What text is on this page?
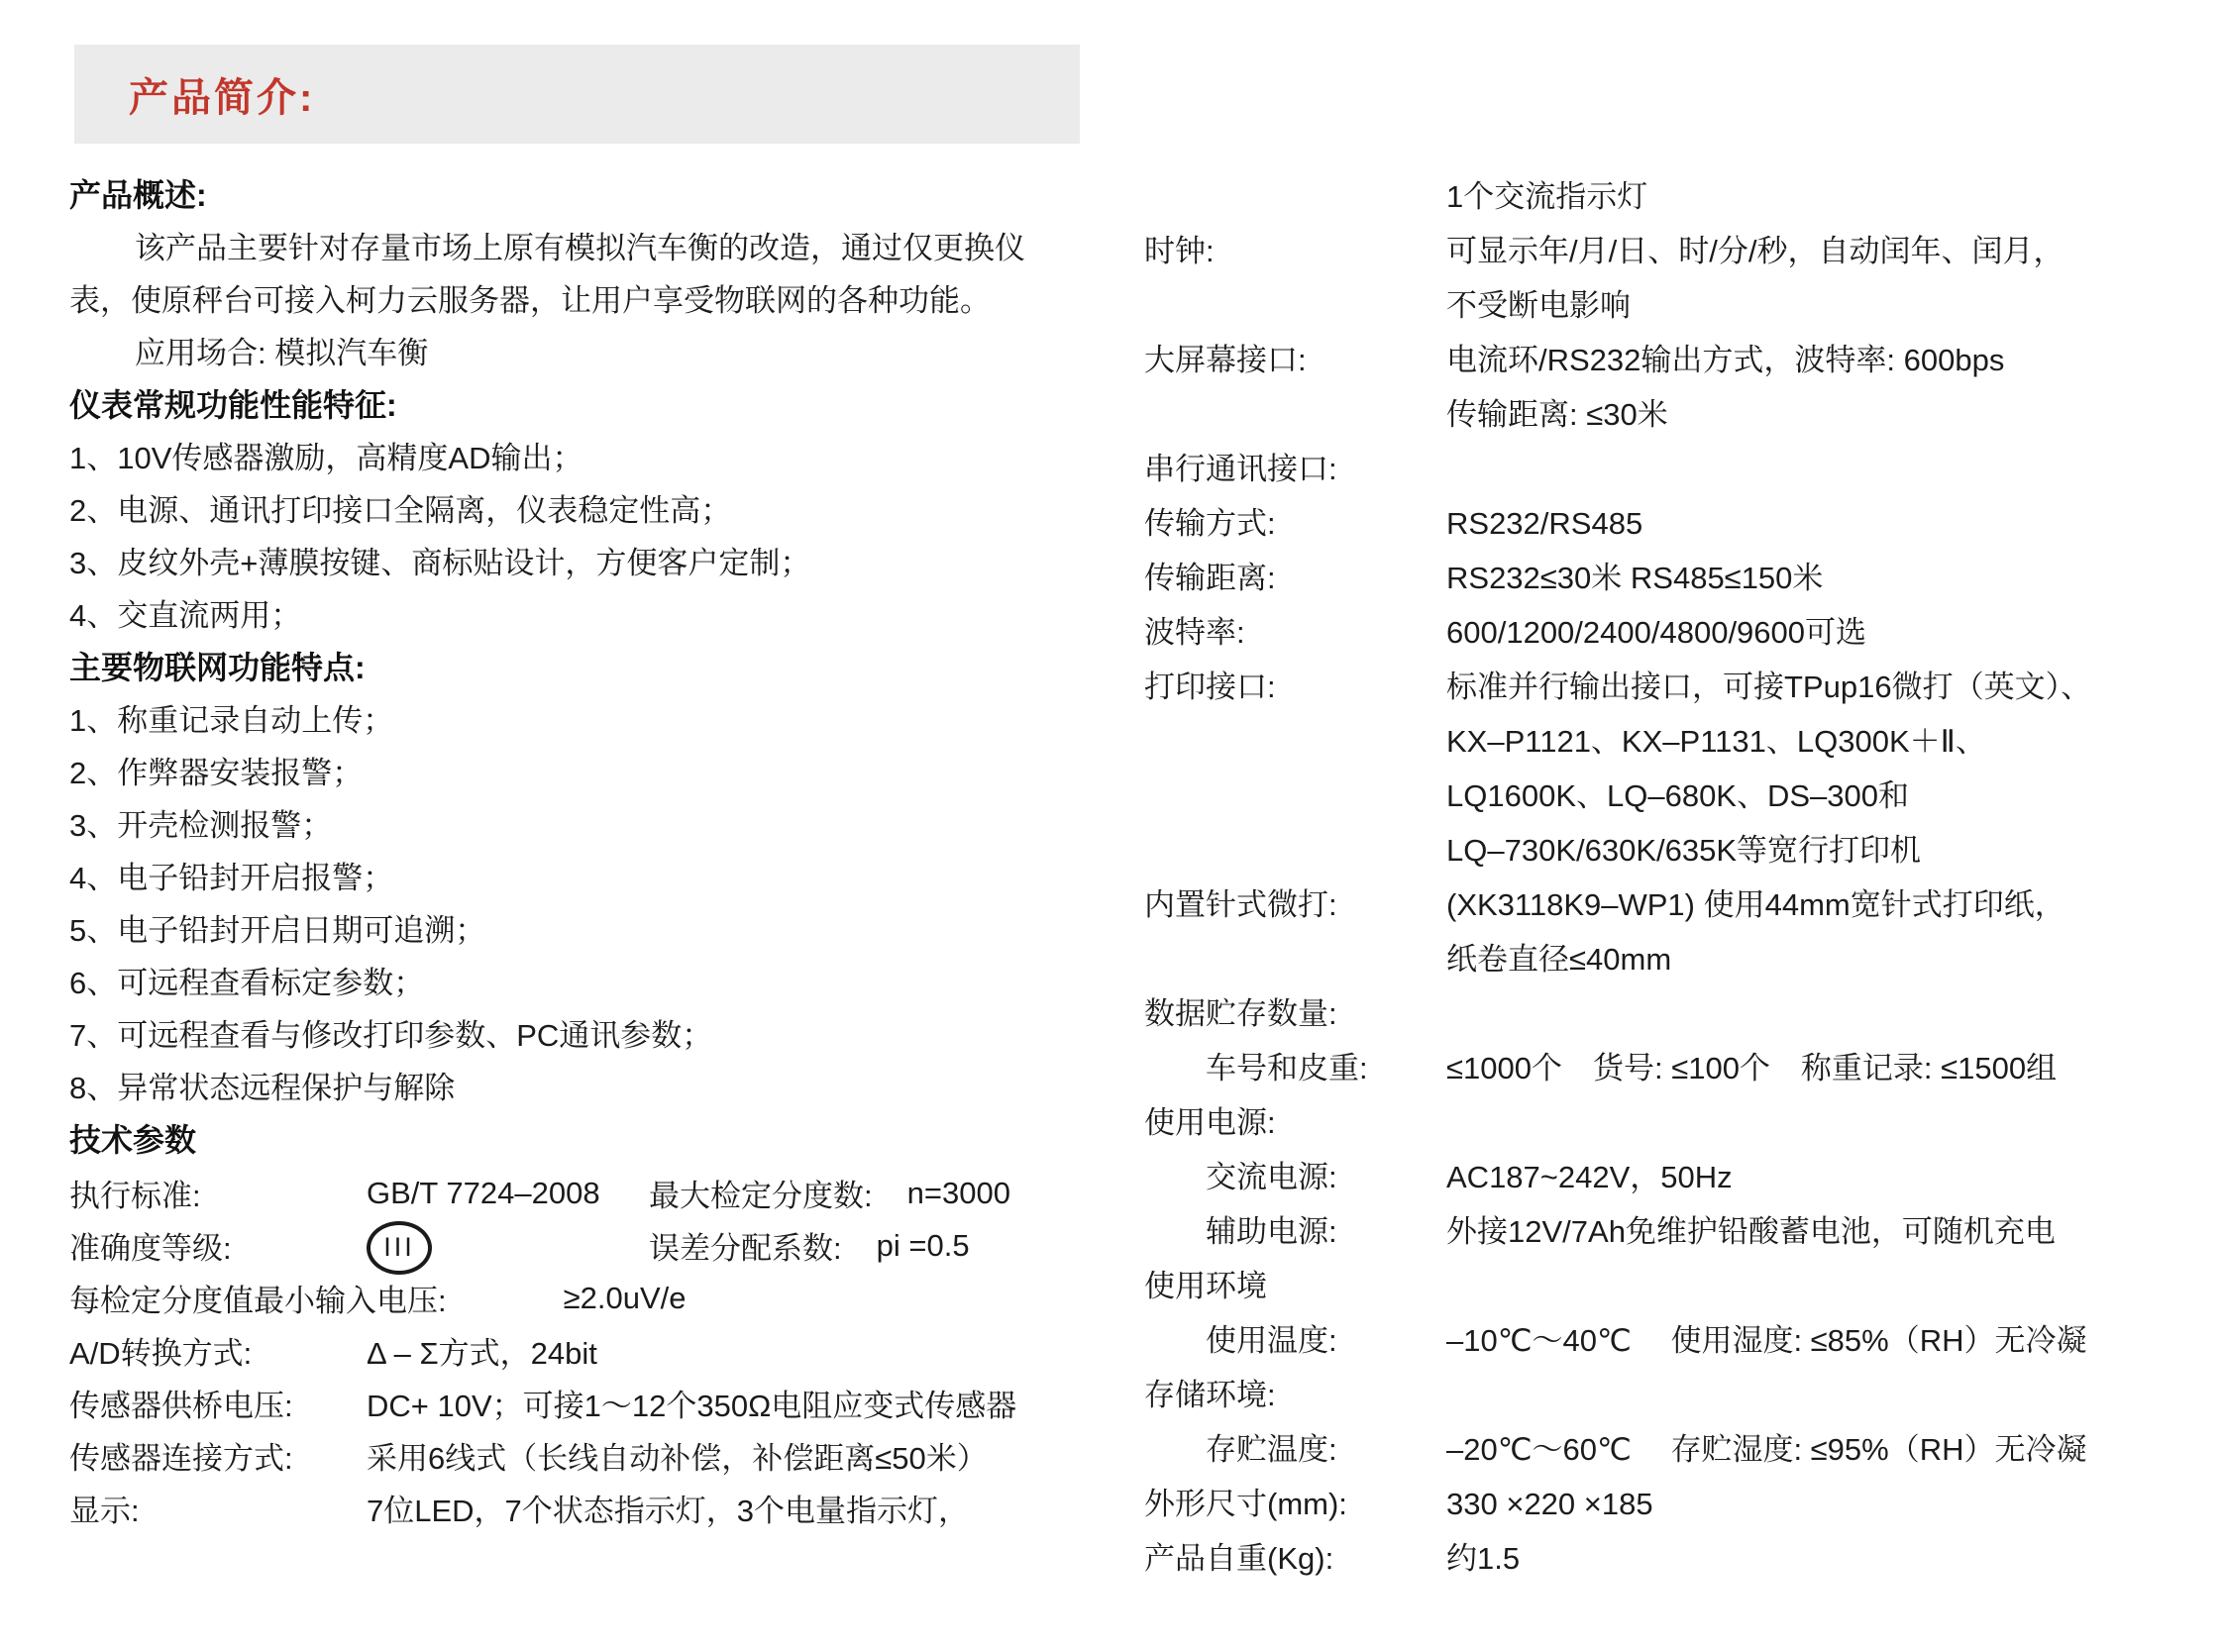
产品简介:
产品概述:
该产品主要针对存量市场上原有模拟汽车衡的改造，通过仅更换仪
表，使原秤台可接入柯力云服务器，让用户享受物联网的各种功能。
应用场合: 模拟汽车衡
仪表常规功能性能特征:
1、10V传感器激励，高精度AD输出；
2、电源、通讯打印接口全隔离，仪表稳定性高；
3、皮纹外壳+薄膜按键、商标贴设计，方便客户定制；
4、交直流两用；
主要物联网功能特点:
1、称重记录自动上传；
2、作弊器安装报警；
3、开壳检测报警；
4、电子铅封开启报警；
5、电子铅封开启日期可追溯；
6、可远程查看标定参数；
7、可远程查看与修改打印参数、PC通讯参数；
8、异常状态远程保护与解除
技术参数
执行标准:	GB/T 7724–2008	最大检定分度数: n=3000
准确度等级:	III	误差分配系数: pi =0.5
每检定分度值最小输入电压:	≥2.0uV/e
A/D转换方式:	Δ – Σ方式，24bit
传感器供桥电压:	DC+ 10V；可接1～12个350Ω电阻应变式传感器
传感器连接方式:	采用6线式（长线自动补偿，补偿距离≤50米）
显示:	7位LED，7个状态指示灯，3个电量指示灯，
1个交流指示灯
时钟:	可显示年/月/日、时/分/秒，自动闰年、闰月，
不受断电影响
大屏幕接口:	电流环/RS232输出方式，波特率: 600bps
传输距离: ≤30米
串行通讯接口:
传输方式:	RS232/RS485
传输距离:	RS232≤30米 RS485≤150米
波特率:	600/1200/2400/4800/9600可选
打印接口:	标准并行输出接口，可接TPup16微打（英文）、
KX–P1121、KX–P1131、LQ300K＋Ⅱ、
LQ1600K、LQ–680K、DS–300和
LQ–730K/630K/635K等宽行打印机
内置针式微打:	(XK3118K9–WP1) 使用44mm宽针式打印纸，
纸卷直径≤40mm
数据贮存数量:
车号和皮重:	≤1000个　货号: ≤100个　称重记录: ≤1500组
使用电源:
交流电源:	AC187~242V，50Hz
辅助电源:	外接12V/7Ah免维护铅酸蓄电池，可随机充电
使用环境
使用温度:	–10℃～40℃　 使用湿度: ≤85%（RH）无冷凝
存储环境:
存贮温度:	–20℃～60℃　 存贮湿度: ≤95%（RH）无冷凝
外形尺寸(mm):	330 ×220 ×185
产品自重(Kg):	约1.5
